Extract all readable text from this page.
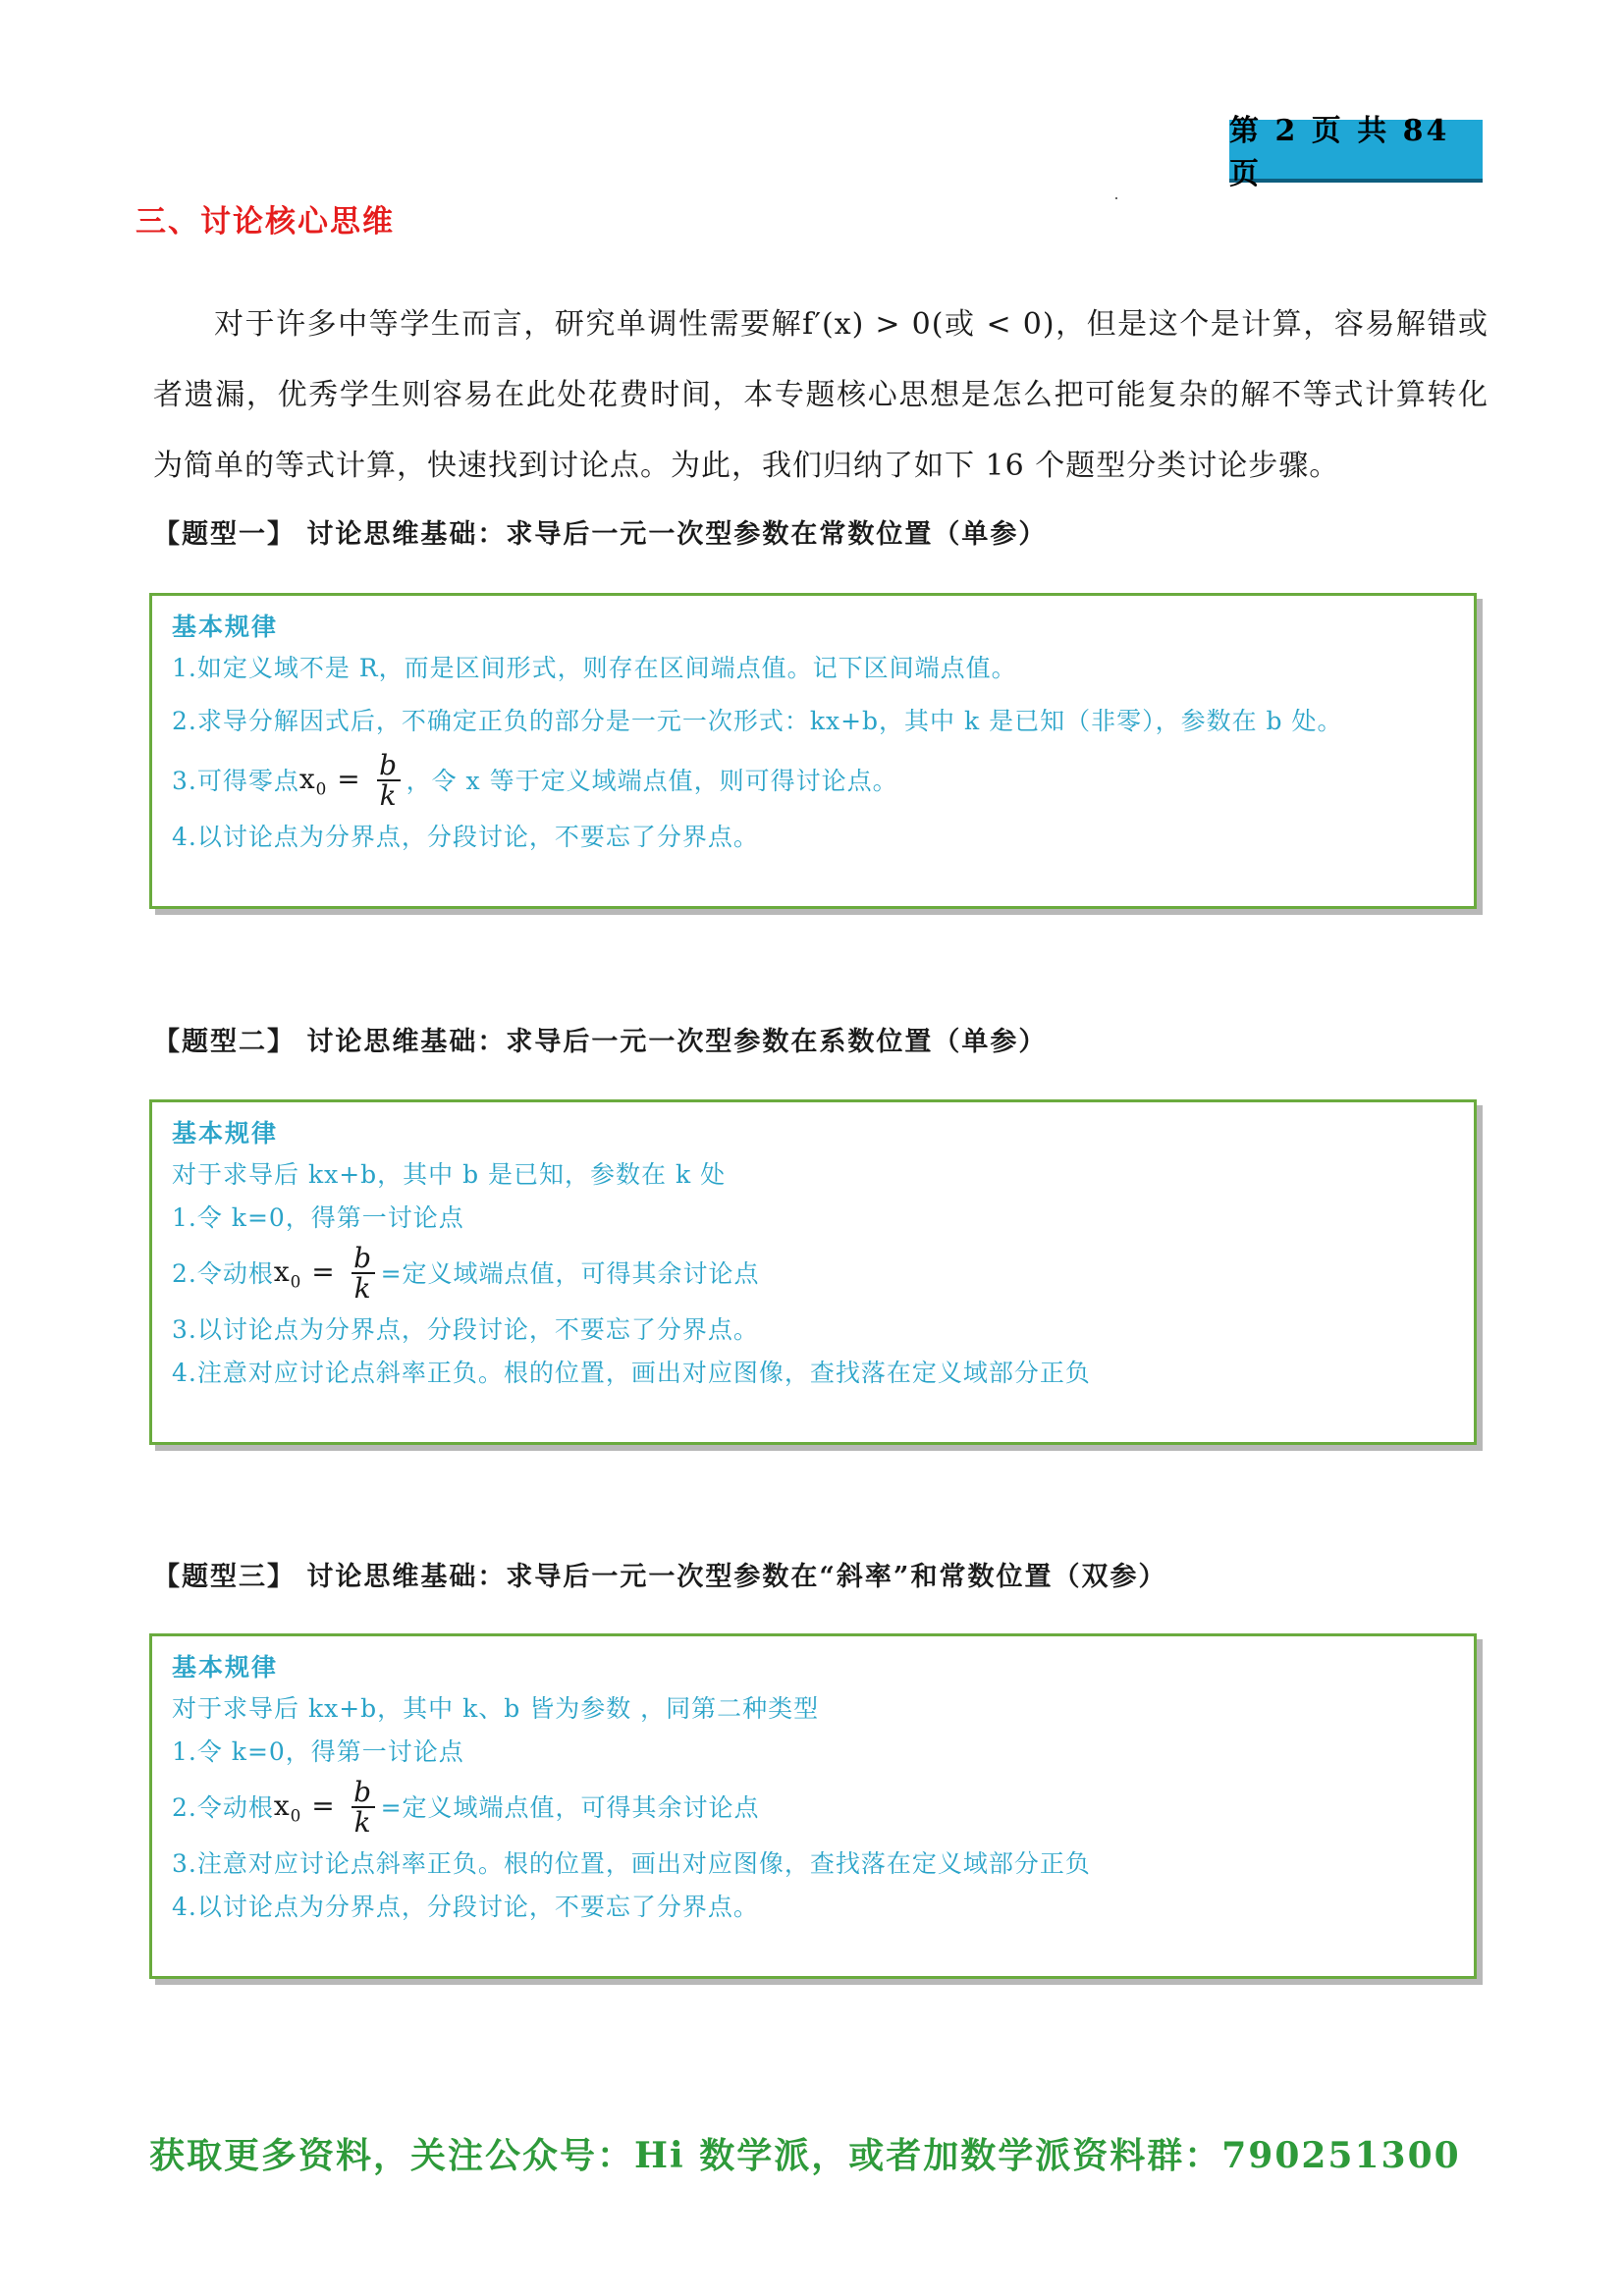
第 2 页 共 84 页
三、讨论核心思维

对于许多中等学生而言，研究单调性需要解f′(x) > 0(或 < 0)，但是这个是计算，容易解错或者遗漏，优秀学生则容易在此处花费时间，本专题核心思想是怎么把可能复杂的解不等式计算转化为简单的等式计算，快速找到讨论点。为此，我们归纳了如下 16 个题型分类讨论步骤。

【题型一】 讨论思维基础：求导后一元一次型参数在常数位置（单参）
基本规律
1.如定义域不是 R，而是区间形式，则存在区间端点值。记下区间端点值。
2.求导分解因式后，不确定正负的部分是一元一次形式：kx+b，其中 k 是已知（非零），参数在 b 处。
3.可得零点 $x_0 = \frac{b}{k}$ ，令 x 等于定义域端点值，则可得讨论点。
4.以讨论点为分界点，分段讨论，不要忘了分界点。
【题型二】 讨论思维基础：求导后一元一次型参数在系数位置（单参）
基本规律
对于求导后 kx+b，其中 b 是已知，参数在 k 处
1.令 k=0，得第一讨论点
2.令动根 $x_0 = \frac{b}{k}$ =定义域端点值，可得其余讨论点
3.以讨论点为分界点，分段讨论，不要忘了分界点。
4.注意对应讨论点斜率正负。根的位置，画出对应图像，查找落在定义域部分正负
【题型三】 讨论思维基础：求导后一元一次型参数在“斜率”和常数位置（双参）
基本规律
对于求导后 kx+b，其中 k、b 皆为参数 ，同第二种类型
1.令 k=0，得第一讨论点
2.令动根 $x_0 = \frac{b}{k}$ =定义域端点值，可得其余讨论点
3.注意对应讨论点斜率正负。根的位置，画出对应图像，查找落在定义域部分正负
4.以讨论点为分界点，分段讨论，不要忘了分界点。
获取更多资料，关注公众号：Hi 数学派，或者加数学派资料群：790251300
